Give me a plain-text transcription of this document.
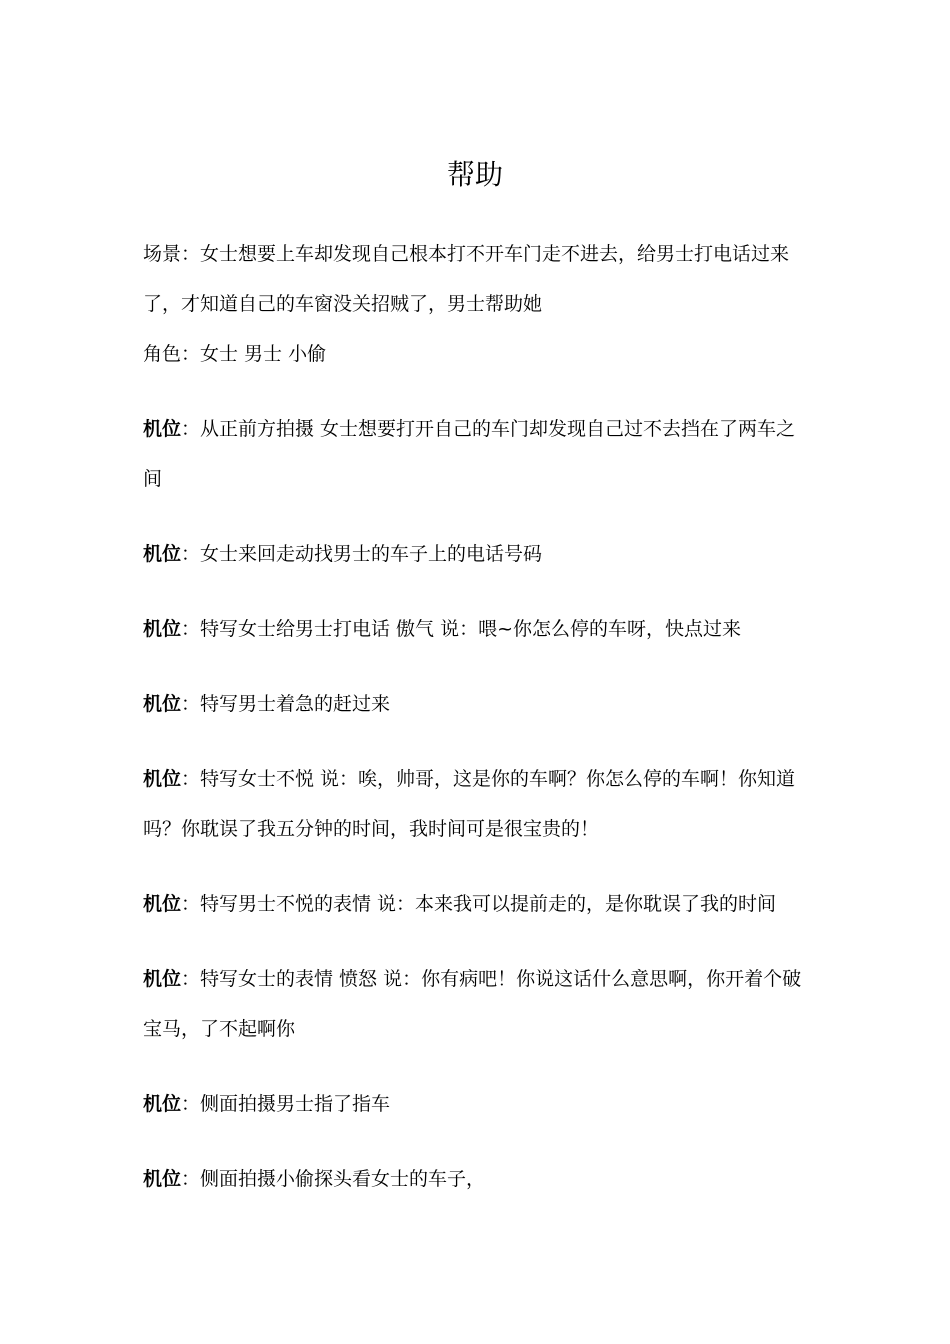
帮助

场景：女士想要上车却发现自己根本打不开车门走不进去，给男士打电话过来了，才知道自己的车窗没关招贼了，男士帮助她

角色：女士 男士 小偷

机位：从正前方拍摄 女士想要打开自己的车门却发现自己过不去挡在了两车之间

机位：女士来回走动找男士的车子上的电话号码

机位：特写女士给男士打电话 傲气 说：喂~你怎么停的车呀，快点过来

机位：特写男士着急的赶过来

机位：特写女士不悦 说：唉，帅哥，这是你的车啊？你怎么停的车啊！你知道吗？你耽误了我五分钟的时间，我时间可是很宝贵的！

机位：特写男士不悦的表情 说：本来我可以提前走的，是你耽误了我的时间

机位：特写女士的表情 愤怒 说：你有病吧！你说这话什么意思啊，你开着个破宝马，了不起啊你

机位：侧面拍摄男士指了指车

机位：侧面拍摄小偷探头看女士的车子，
